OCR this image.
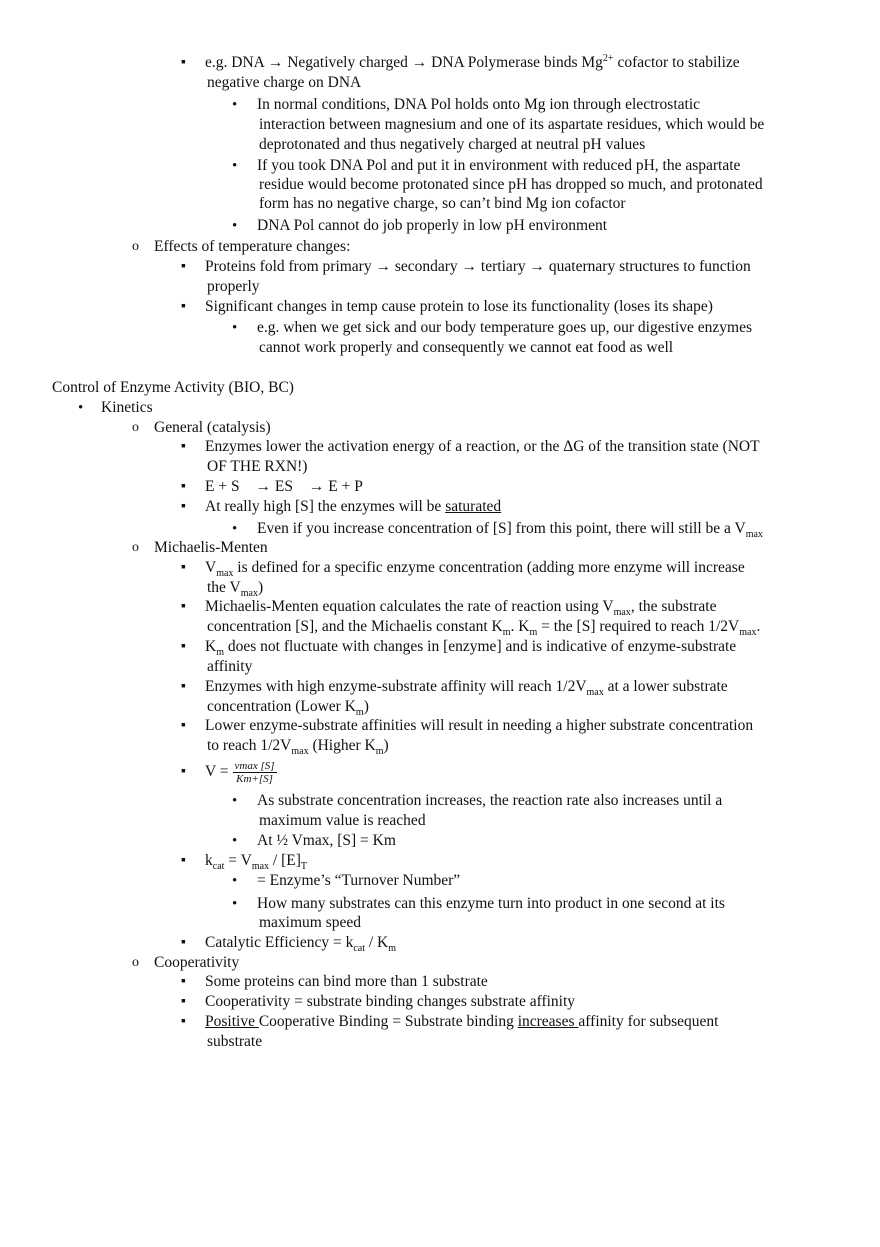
▪ e.g. DNA → Negatively charged → DNA Polymerase binds $Mg^{2+}$ cofactor to stabilize
negative charge on DNA
• In normal conditions, DNA Pol holds onto Mg ion through electrostatic
interaction between magnesium and one of its aspartate residues, which would be
deprotonated and thus negatively charged at neutral pH values
• If you took DNA Pol and put it in environment with reduced pH, the aspartate
residue would become protonated since pH has dropped so much, and protonated
form has no negative charge, so can’t bind Mg ion cofactor
• DNA Pol cannot do job properly in low pH environment
o Effects of temperature changes:
▪ Proteins fold from primary → secondary → tertiary → quaternary structures to function
properly
▪ Significant changes in temp cause protein to lose its functionality (loses its shape)
• e.g. when we get sick and our body temperature goes up, our digestive enzymes
cannot work properly and consequently we cannot eat food as well
Control of Enzyme Activity (BIO, BC)
• Kinetics
o General (catalysis)
▪ Enzymes lower the activation energy of a reaction, or the ΔG of the transition state (NOT
OF THE RXN!)
▪ E + S → ES → E + P
▪ At really high [S] the enzymes will be saturated
• Even if you increase concentration of [S] from this point, there will still be a $V_{max}$
o Michaelis-Menten
▪ $V_{max}$ is defined for a specific enzyme concentration (adding more enzyme will increase
the $V_{max}$)
▪ Michaelis-Menten equation calculates the rate of reaction using $V_{max}$, the substrate
concentration [S], and the Michaelis constant $K_m$. $K_m$ = the [S] required to reach $1/2V_{max}$.
▪ $K_m$ does not fluctuate with changes in [enzyme] and is indicative of enzyme-substrate
affinity
▪ Enzymes with high enzyme-substrate affinity will reach $1/2V_{max}$ at a lower substrate
concentration (Lower $K_m$)
▪ Lower enzyme-substrate affinities will result in needing a higher substrate concentration
to reach $1/2V_{max}$ (Higher $K_m$)
▪ $V = \frac{vmax [S]}{Km+[S]}$
• As substrate concentration increases, the reaction rate also increases until a
maximum value is reached
• At ½ Vmax, [S] = Km
▪ $k_{cat} = V_{max} / [E]_T$
• = Enzyme’s “Turnover Number”
• How many substrates can this enzyme turn into product in one second at its
maximum speed
▪ Catalytic Efficiency = $k_{cat} / K_m$
o Cooperativity
▪ Some proteins can bind more than 1 substrate
▪ Cooperativity = substrate binding changes substrate affinity
▪ Positive Cooperative Binding = Substrate binding increases affinity for subsequent
substrate
